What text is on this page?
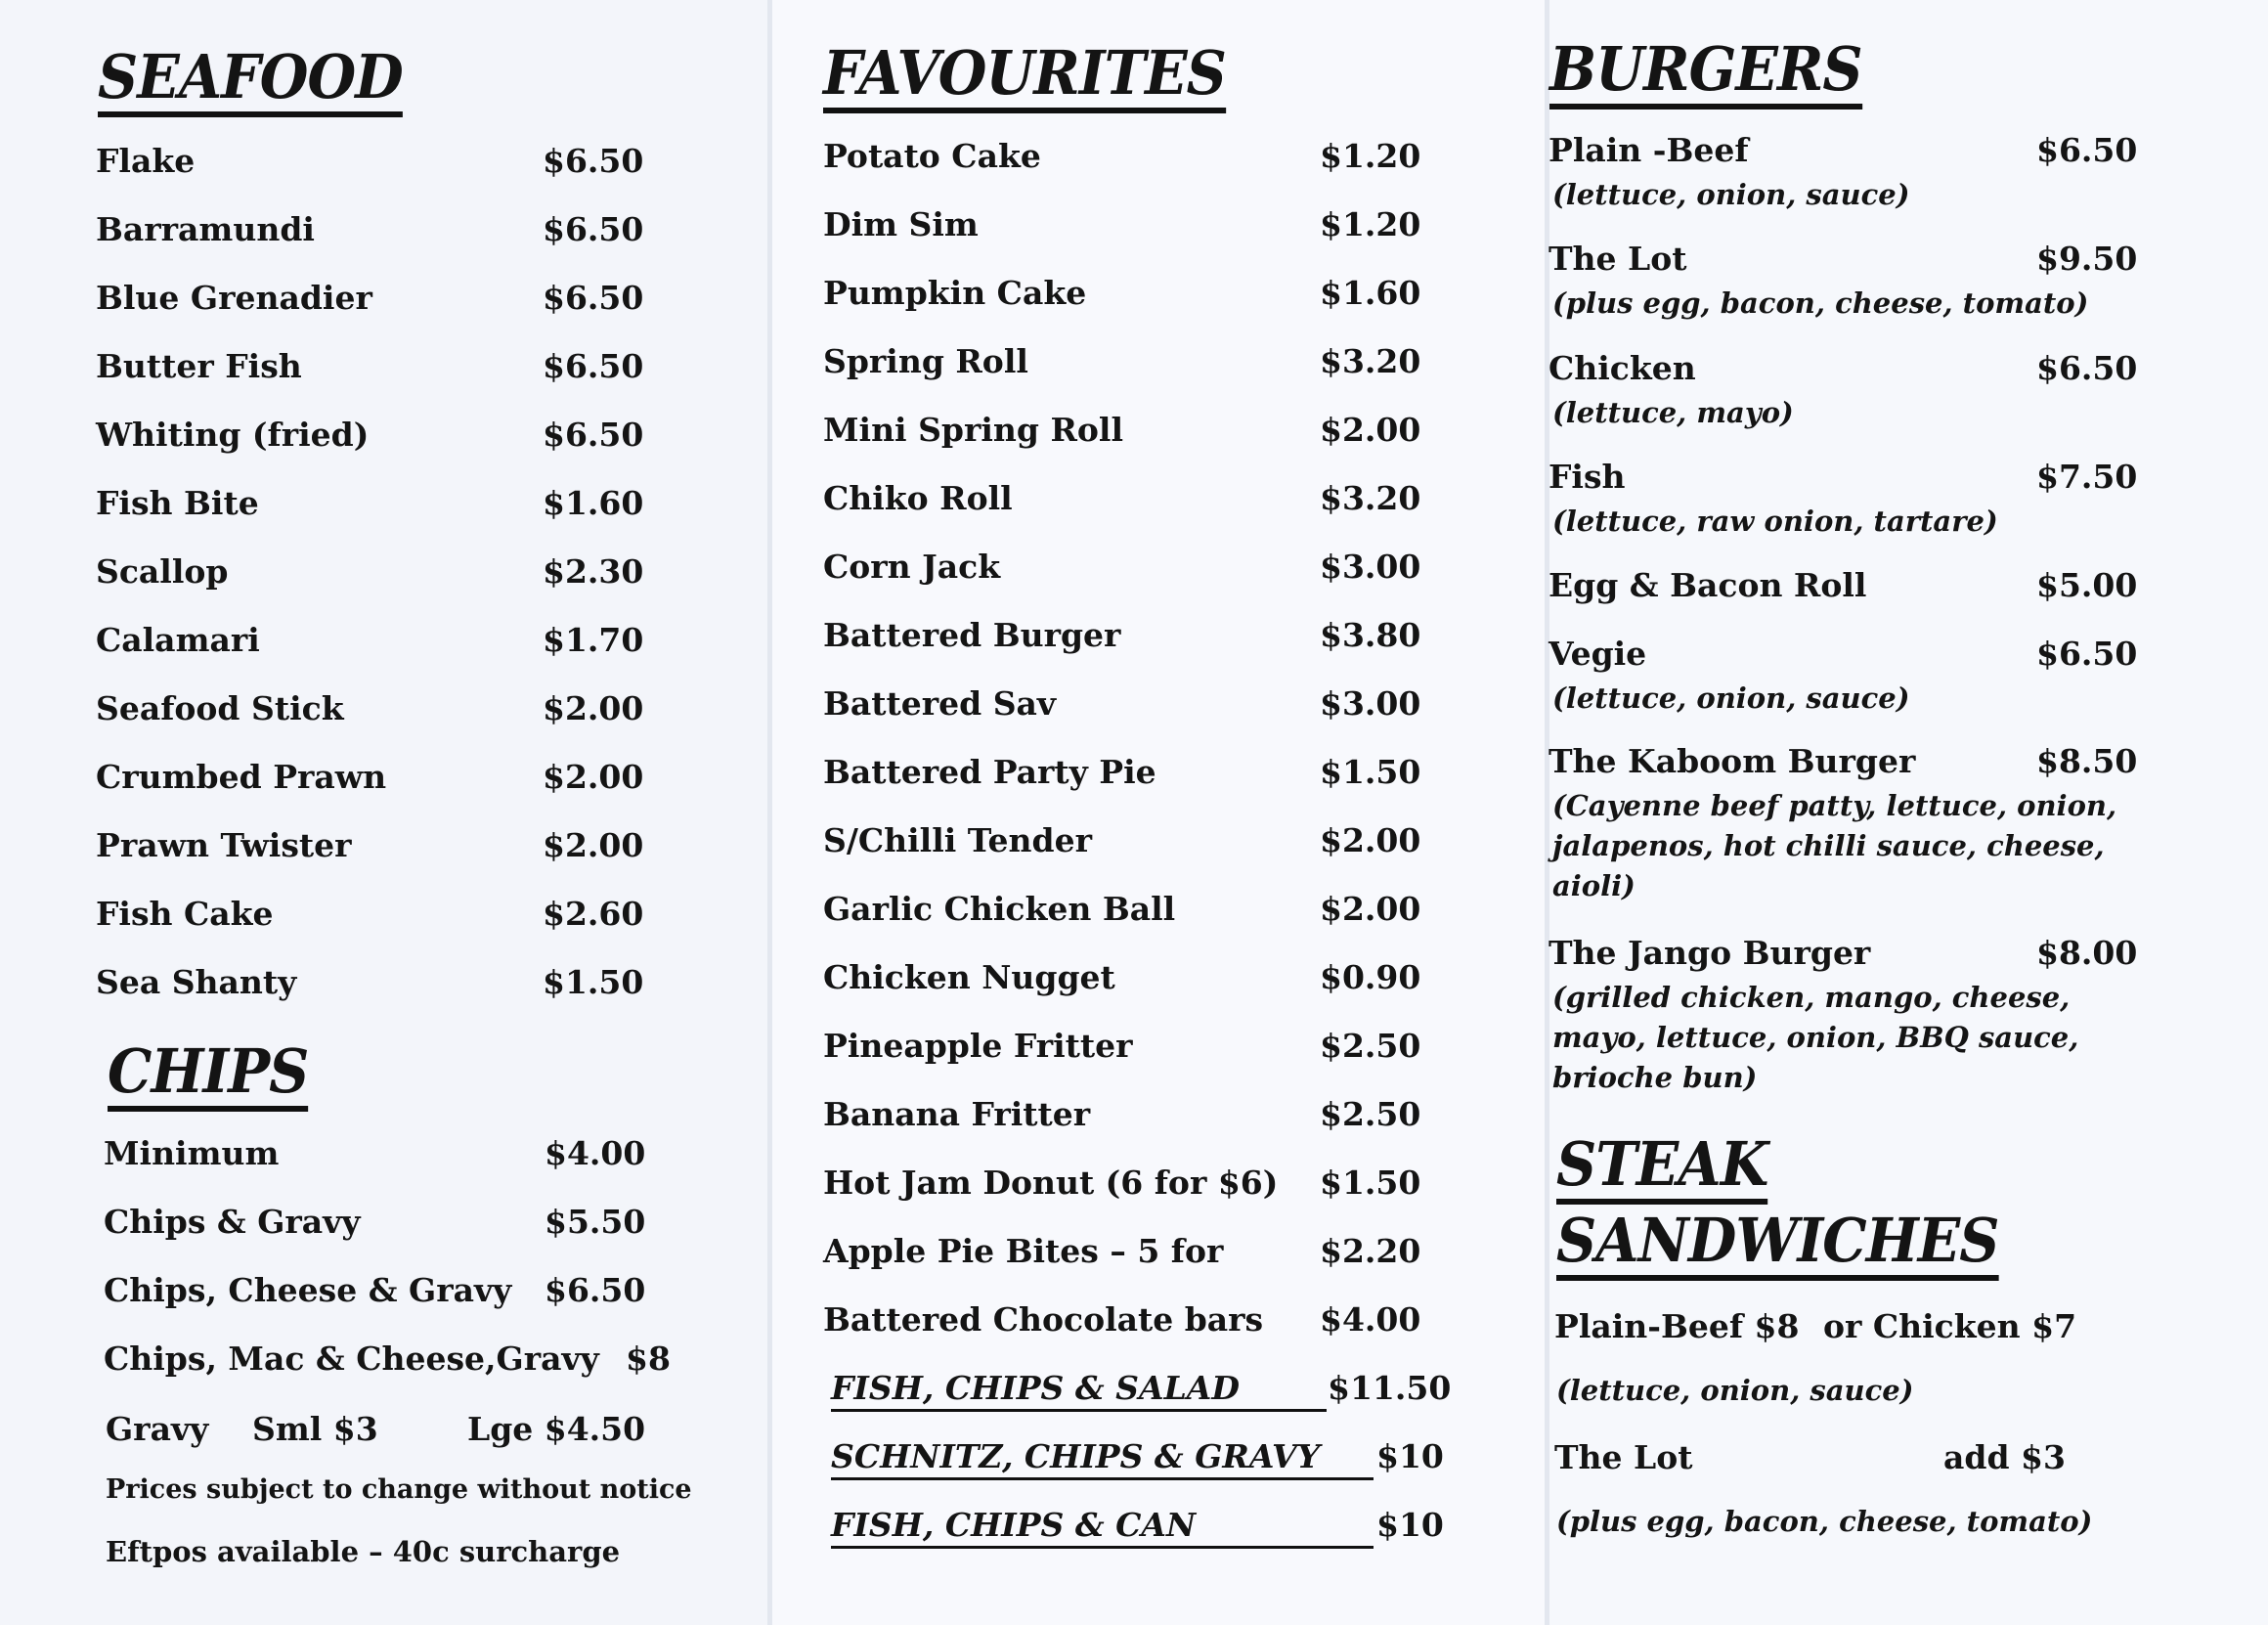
SEAFOOD
Flake	$6.50
Barramundi	$6.50
Blue Grenadier	$6.50
Butter Fish	$6.50
Whiting (fried)	$6.50
Fish Bite	$1.60
Scallop	$2.30
Calamari	$1.70
Seafood Stick	$2.00
Crumbed Prawn	$2.00
Prawn Twister	$2.00
Fish Cake	$2.60
Sea Shanty	$1.50
CHIPS
Minimum	$4.00
Chips & Gravy	$5.50
Chips, Cheese & Gravy $6.50
Chips, Mac & Cheese,Gravy $8
Gravy Sml $3	Lge $4.50
Prices subject to change without notice
Eftpos available – 40c surcharge
FAVOURITES
Potato Cake	$1.20
Dim Sim	$1.20
Pumpkin Cake	$1.60
Spring Roll	$3.20
Mini Spring Roll	$2.00
Chiko Roll	$3.20
Corn Jack	$3.00
Battered Burger	$3.80
Battered Sav	$3.00
Battered Party Pie	$1.50
S/Chilli Tender	$2.00
Garlic Chicken Ball	$2.00
Chicken Nugget	$0.90
Pineapple Fritter	$2.50
Banana Fritter	$2.50
Hot Jam Donut (6 for $6) $1.50
Apple Pie Bites – 5 for	$2.20
Battered Chocolate bars $4.00
FISH, CHIPS & SALAD	$11.50
SCHNITZ, CHIPS & GRAVY $10
FISH, CHIPS & CAN	$10
BURGERS
Plain -Beef	$6.50
(lettuce, onion, sauce)
The Lot	$9.50
(plus egg, bacon, cheese, tomato)
Chicken	$6.50
(lettuce, mayo)
Fish	$7.50
(lettuce, raw onion, tartare)
Egg & Bacon Roll	$5.00
Vegie	$6.50
(lettuce, onion, sauce)
The Kaboom Burger	$8.50
(Cayenne beef patty, lettuce, onion,
jalapenos, hot chilli sauce, cheese,
aioli)
The Jango Burger	$8.00
(grilled chicken, mango, cheese,
mayo, lettuce, onion, BBQ sauce,
brioche bun)
STEAK
SANDWICHES
Plain-Beef $8 or Chicken $7
(lettuce, onion, sauce)
The Lot	add $3
(plus egg, bacon, cheese, tomato)
